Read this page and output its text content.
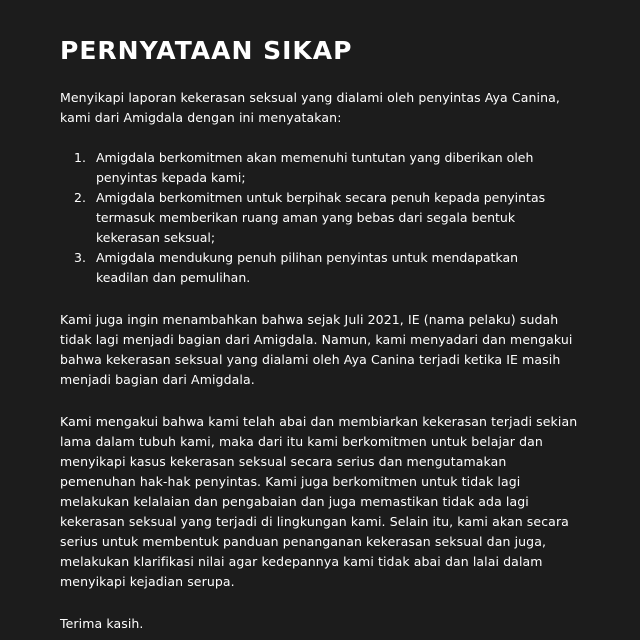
PERNYATAAN SIKAP

Menyikapi laporan kekerasan seksual yang dialami oleh penyintas Aya Canina, kami dari Amigdala dengan ini menyatakan:

1. Amigdala berkomitmen akan memenuhi tuntutan yang diberikan oleh penyintas kepada kami;
2. Amigdala berkomitmen untuk berpihak secara penuh kepada penyintas termasuk memberikan ruang aman yang bebas dari segala bentuk kekerasan seksual;
3. Amigdala mendukung penuh pilihan penyintas untuk mendapatkan keadilan dan pemulihan.

Kami juga ingin menambahkan bahwa sejak Juli 2021, IE (nama pelaku) sudah tidak lagi menjadi bagian dari Amigdala. Namun, kami menyadari dan mengakui bahwa kekerasan seksual yang dialami oleh Aya Canina terjadi ketika IE masih menjadi bagian dari Amigdala.

Kami mengakui bahwa kami telah abai dan membiarkan kekerasan terjadi sekian lama dalam tubuh kami, maka dari itu kami berkomitmen untuk belajar dan menyikapi kasus kekerasan seksual secara serius dan mengutamakan pemenuhan hak-hak penyintas. Kami juga berkomitmen untuk tidak lagi melakukan kelalaian dan pengabaian dan juga memastikan tidak ada lagi kekerasan seksual yang terjadi di lingkungan kami. Selain itu, kami akan secara serius untuk membentuk panduan penanganan kekerasan seksual dan juga, melakukan klarifikasi nilai agar kedepannya kami tidak abai dan lalai dalam menyikapi kejadian serupa.

Terima kasih.
